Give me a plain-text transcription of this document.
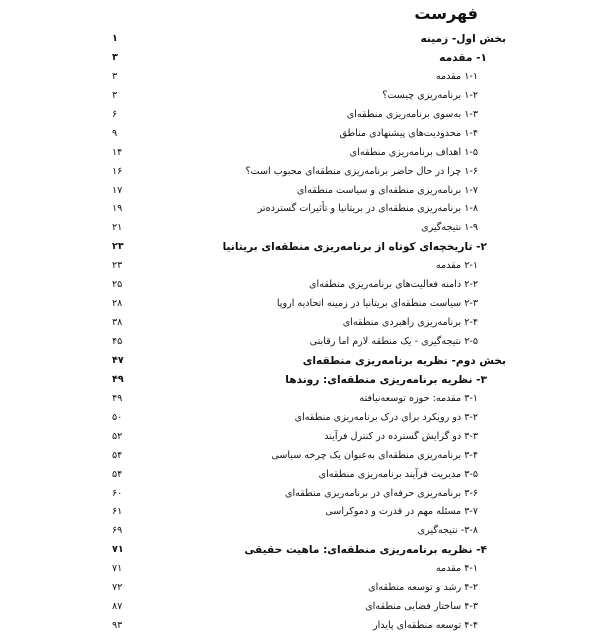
فهرست
بخش اول- زمینه
۱
۱- مقدمه
۳
۱-۱ مقدمه
۳
۱-۲ برنامه‌ریزی چیست؟
۳
۱-۳ به‌سوی برنامه‌ریزی منطقه‌ای
۶
۱-۴ محدودیت‌های پیشنهادی مناطق
۹
۱-۵ اهداف برنامه‌ریزی منطقه‌ای
۱۴
۱-۶ چرا در حال حاضر برنامه‌ریزی منطقه‌ای محبوب است؟
۱۶
۱-۷ برنامه‌ریزی منطقه‌ای و سیاست منطقه‌ای
۱۷
۱-۸ برنامه‌ریزی منطقه‌ای در بریتانیا و تأثیرات گسترده‌تر
۱۹
۱-۹ نتیجه‌گیری
۲۱
۲- تاریخچه‌ای کوتاه از برنامه‌ریزی منطقه‌ای بریتانیا
۲۳
۲-۱ مقدمه
۲۳
۲-۲ دامنه فعالیت‌های برنامه‌ریزی منطقه‌ای
۲۵
۲-۳ سیاست منطقه‌ای بریتانیا در زمینه اتحادیه اروپا
۲۸
۲-۴ برنامه‌ریزی راهبردی منطقه‌ای
۳۸
۲-۵ نتیجه‌گیری - یک منطقه لازم اما رقابتی
۴۵
بخش دوم- نظریه برنامه‌ریزی منطقه‌ای
۴۷
۳- نظریه برنامه‌ریزی منطقه‌ای: روندها
۴۹
۳-۱ مقدمه: حوزه توسعه‌نیافته
۴۹
۳-۲ دو رویکرد برای درک برنامه‌ریزی منطقه‌ای
۵۰
۳-۳ دو گرایش گسترده در کنترل فرآیند
۵۲
۳-۴ برنامه‌ریزی منطقه‌ای به‌عنوان یک چرخه سیاسی
۵۴
۳-۵ مدیریت فرآیند برنامه‌ریزی منطقه‌ای
۵۴
۳-۶ برنامه‌ریزی حرفه‌ای در برنامه‌ریزی منطقه‌ای
۶۰
۳-۷ مسئله مهم در قدرت و دموکراسی
۶۱
۳-۸- نتیجه‌گیری
۶۹
۴- نظریه برنامه‌ریزی منطقه‌ای: ماهیت حقیقی
۷۱
۴-۱ مقدمه
۷۱
۴-۲ رشد و توسعه منطقه‌ای
۷۲
۴-۳ ساختار فضایی منطقه‌ای
۸۷
۴-۴ توسعه منطقه‌ای پایدار
۹۳
